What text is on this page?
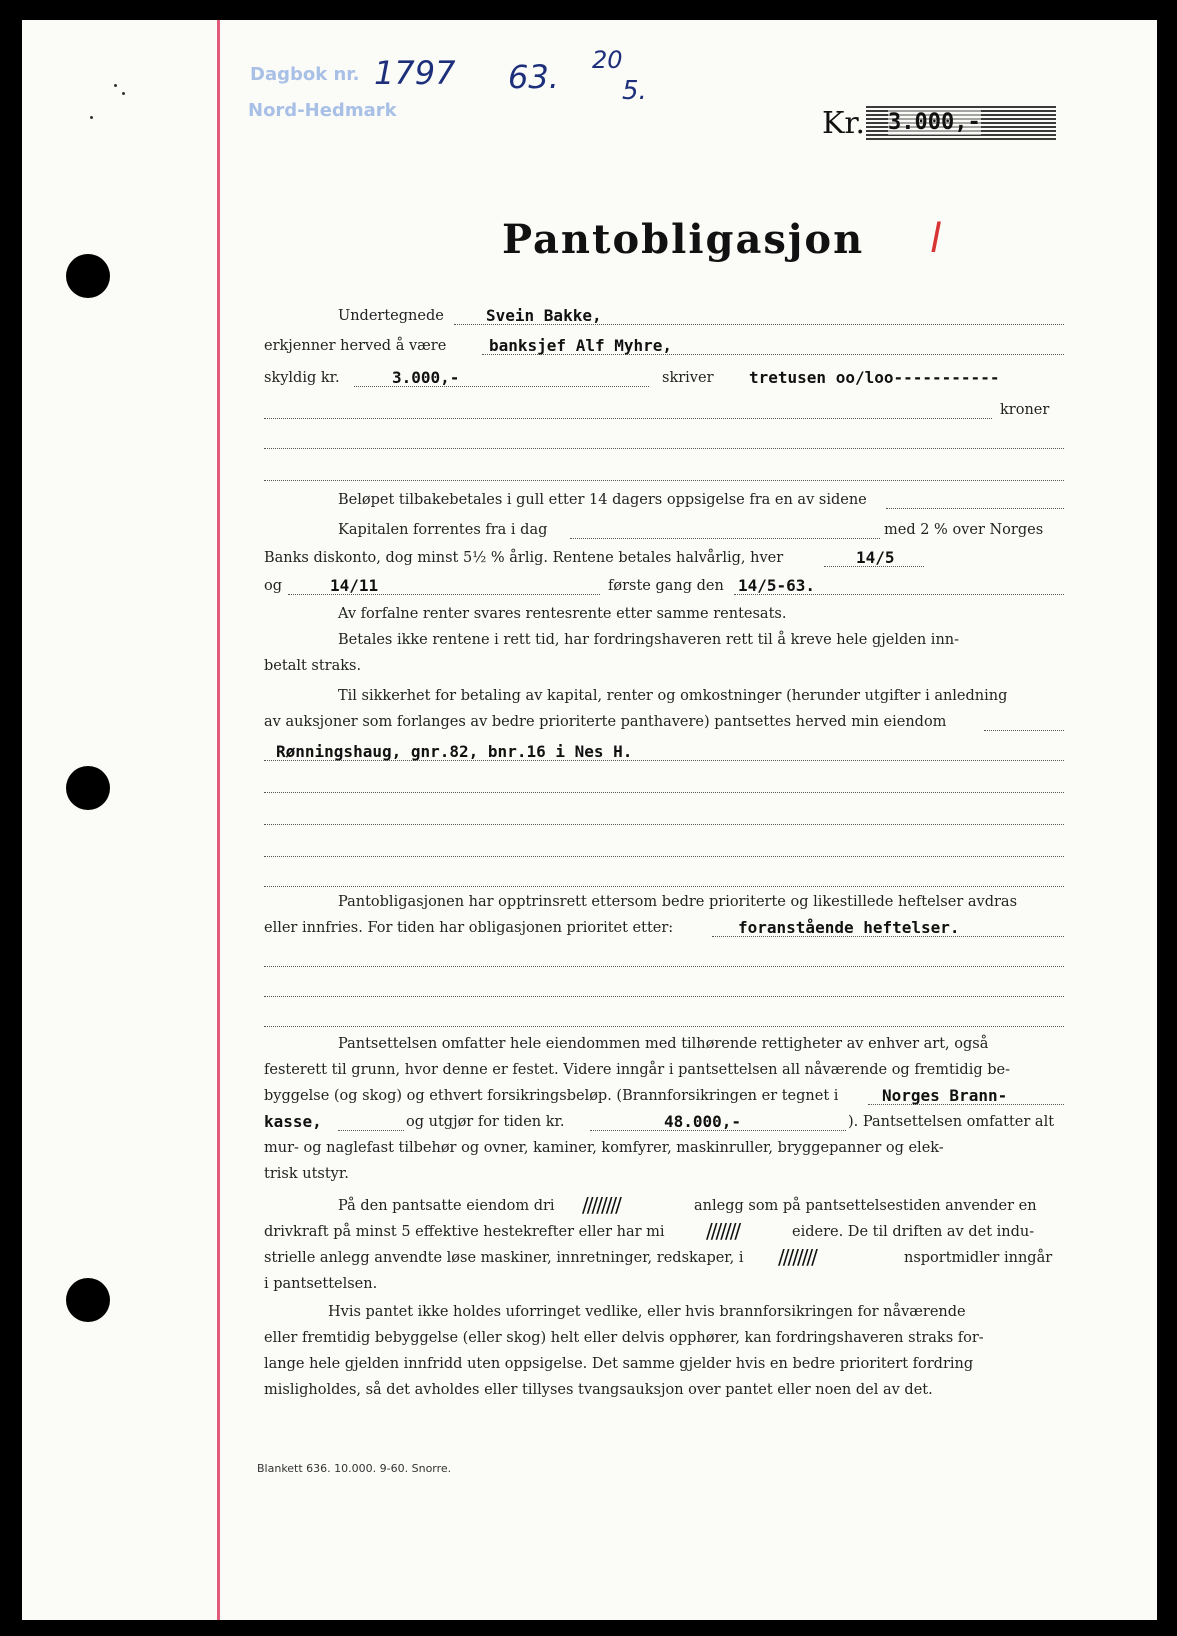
Dagbok nr.
Nord-Hedmark
1797 63. 20
5.
Kr. 3.000,-
Pantobligasjon l
Undertegnede	Svein Bakke,
erkjenner herved å være	banksjef Alf Myhre,
skyldig kr.	3.000,-	skriver tretusen oo/loo-----------
kroner
Beløpet tilbakebetales i gull etter 14 dagers oppsigelse fra en av sidene
Kapitalen forrentes fra i dag	med 2 % over Norges
Banks diskonto, dog minst 5½ % årlig. Rentene betales halvårlig, hver	14/5
og	14/11	første gang den 14/5-63.
Av forfalne renter svares rentesrente etter samme rentesats.
Betales ikke rentene i rett tid, har fordringshaveren rett til å kreve hele gjelden inn-
betalt straks.
Til sikkerhet for betaling av kapital, renter og omkostninger (herunder utgifter i anledning
av auksjoner som forlanges av bedre prioriterte panthavere) pantsettes herved min eiendom
Rønningshaug, gnr.82, bnr.16 i Nes H.
Pantobligasjonen har opptrinsrett ettersom bedre prioriterte og likestillede heftelser avdras
eller innfries. For tiden har obligasjonen prioritet etter:	foranstående heftelser.
Pantsettelsen omfatter hele eiendommen med tilhørende rettigheter av enhver art, også
festerett til grunn, hvor denne er festet. Videre inngår i pantsettelsen all nåværende og fremtidig be-
byggelse (og skog) og ethvert forsikringsbeløp. (Brannforsikringen er tegnet i	Norges Brann-
kasse,	og utgjør for tiden kr.	48.000,-	). Pantsettelsen omfatter alt
mur- og naglefast tilbehør og ovner, kaminer, komfyrer, maskinruller, bryggepanner og elek-
trisk utstyr.
På den pantsatte eiendom dri ////////	anlegg som på pantsettelsestiden anvender en
drivkraft på minst 5 effektive hestekrefter eller har mi ///////	eidere. De til driften av det indu-
strielle anlegg anvendte løse maskiner, innretninger, redskaper, i ////////	nsportmidler inngår
i pantsettelsen.
Hvis pantet ikke holdes uforringet vedlike, eller hvis brannforsikringen for nåværende
eller fremtidig bebyggelse (eller skog) helt eller delvis opphører, kan fordringshaveren straks for-
lange hele gjelden innfridd uten oppsigelse. Det samme gjelder hvis en bedre prioritert fordring
misligholdes, så det avholdes eller tillyses tvangsauksjon over pantet eller noen del av det.
Blankett 636. 10.000. 9-60. Snorre.
